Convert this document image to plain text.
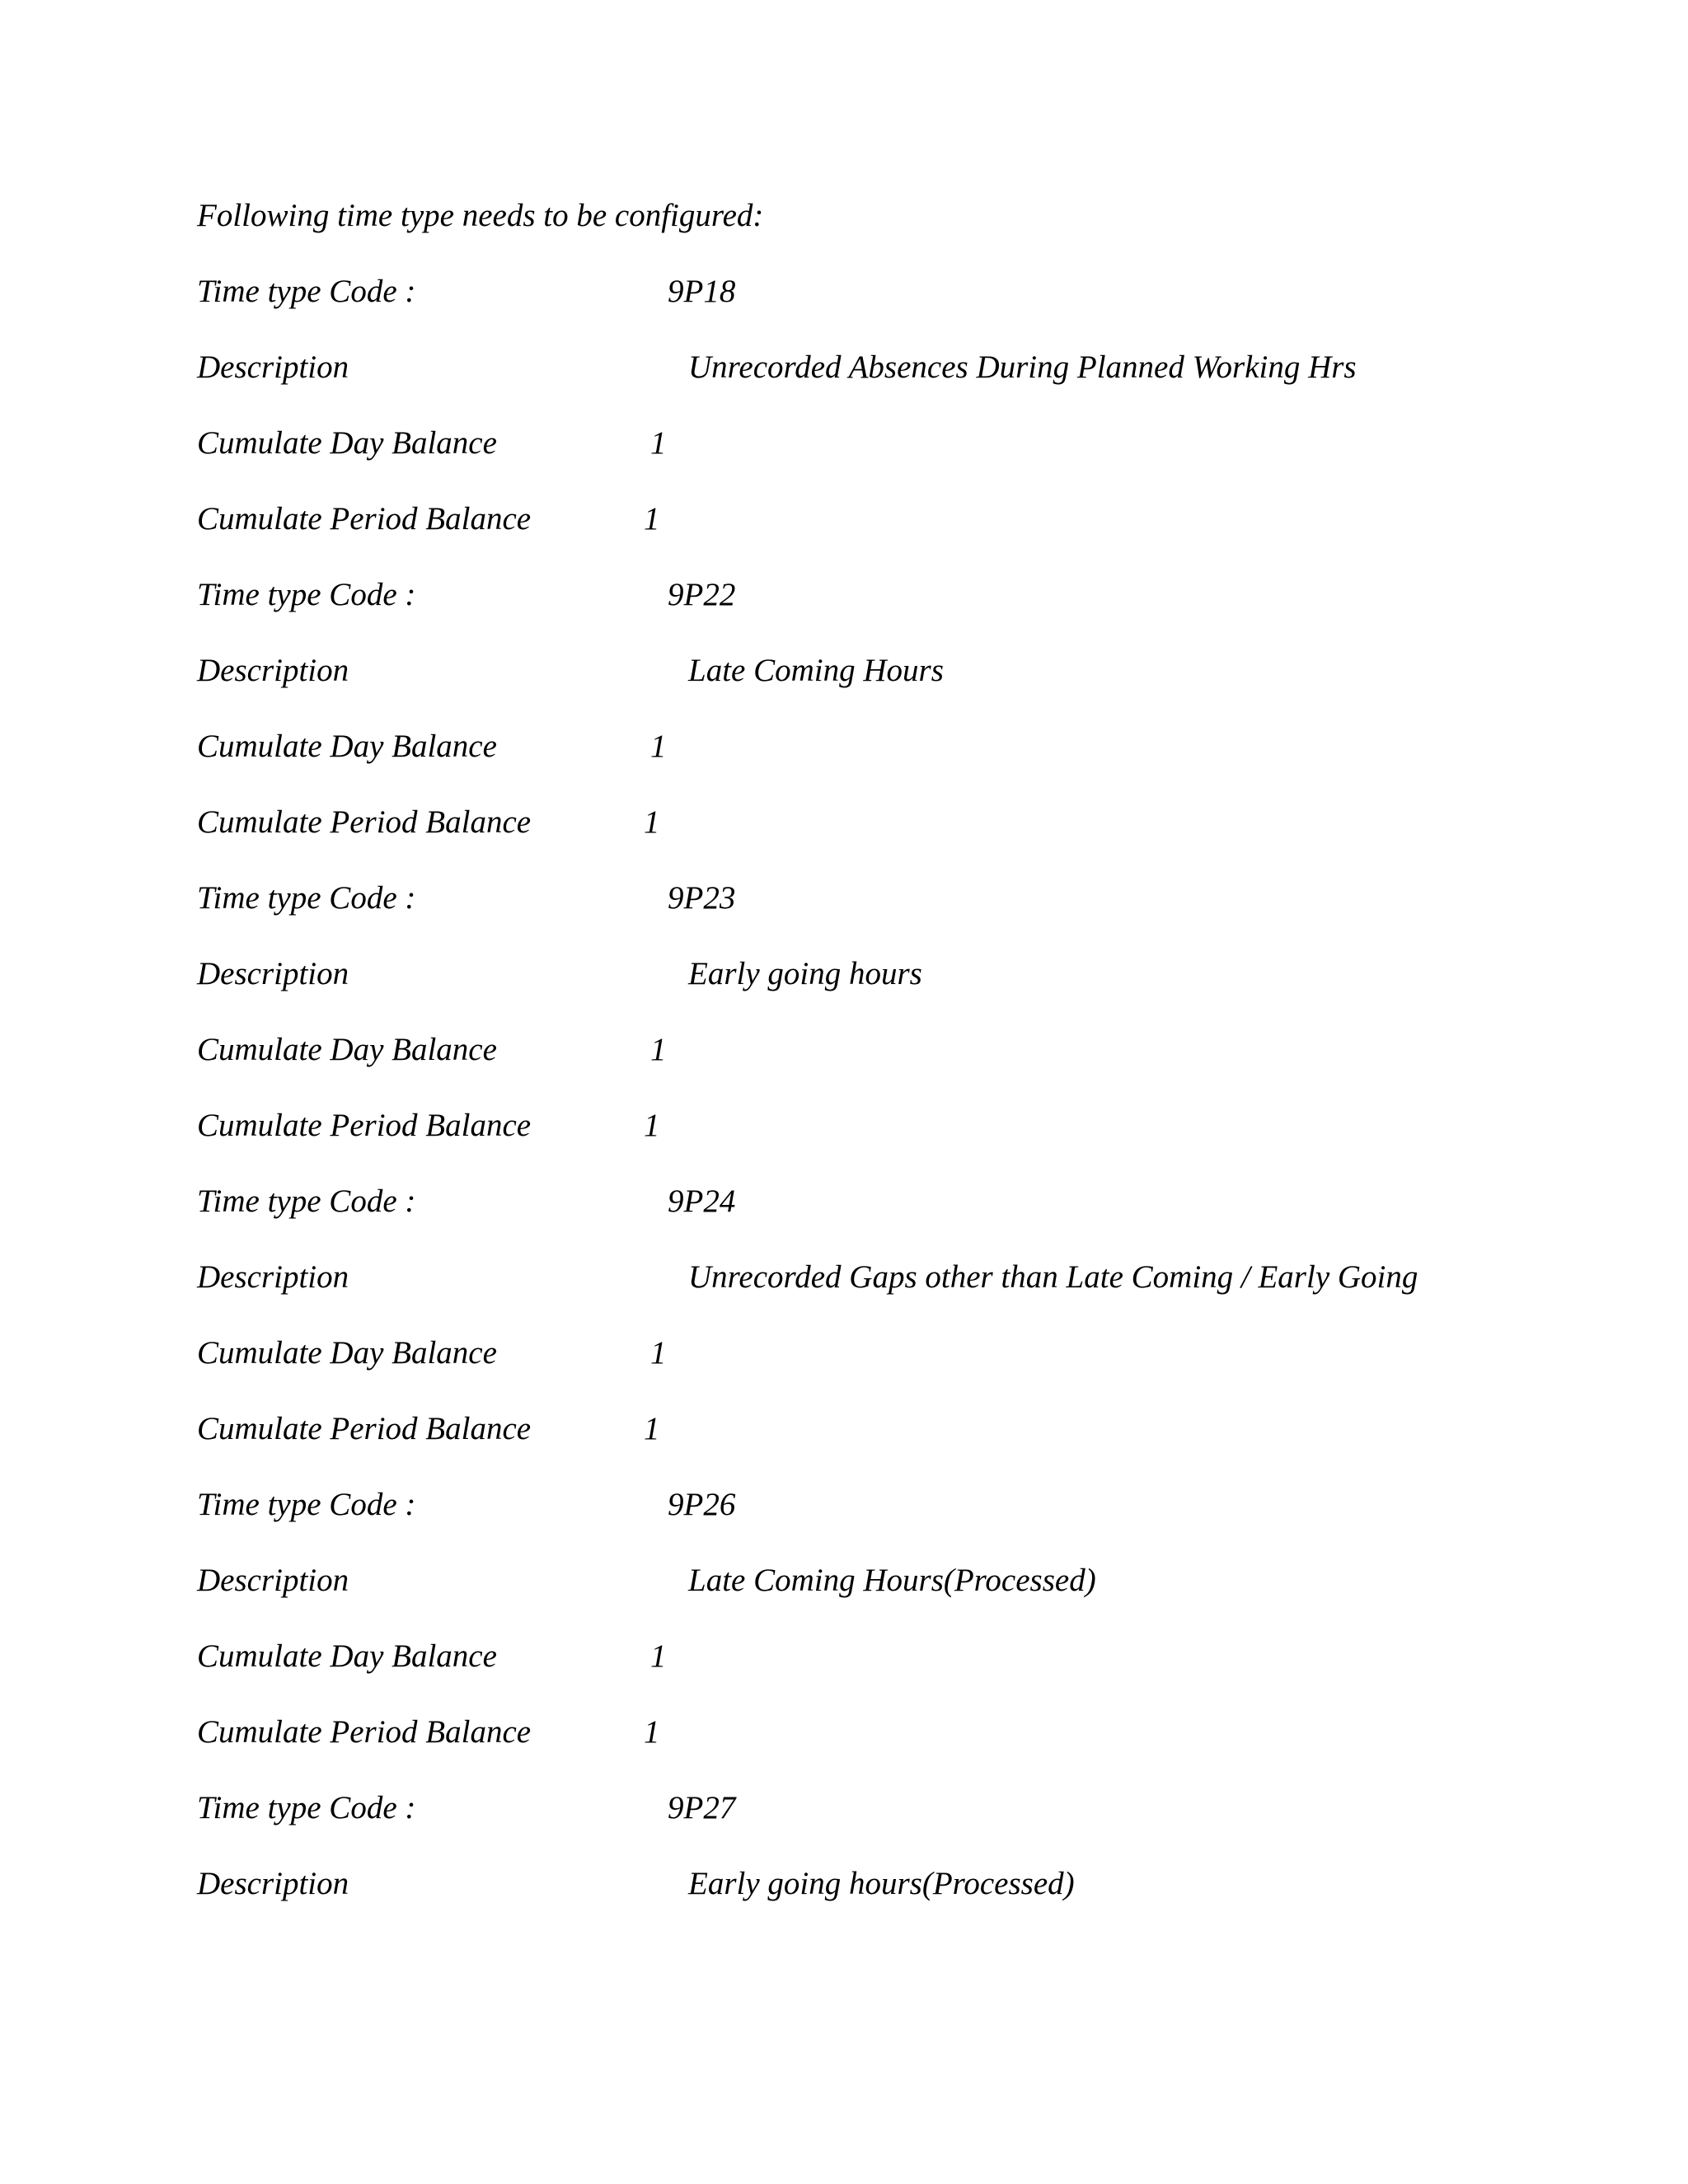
Following time type needs to be configured:
Time type Code :	9P18
Description	Unrecorded Absences During Planned Working Hrs
Cumulate Day Balance	1
Cumulate Period Balance	1
Time type Code :	9P22
Description	Late Coming Hours
Cumulate Day Balance	1
Cumulate Period Balance	1
Time type Code :	9P23
Description	Early going hours
Cumulate Day Balance	1
Cumulate Period Balance	1
Time type Code :	9P24
Description	Unrecorded Gaps other than Late Coming / Early Going
Cumulate Day Balance	1
Cumulate Period Balance	1
Time type Code :	9P26
Description	Late Coming Hours(Processed)
Cumulate Day Balance	1
Cumulate Period Balance	1
Time type Code :	9P27
Description	Early going hours(Processed)
